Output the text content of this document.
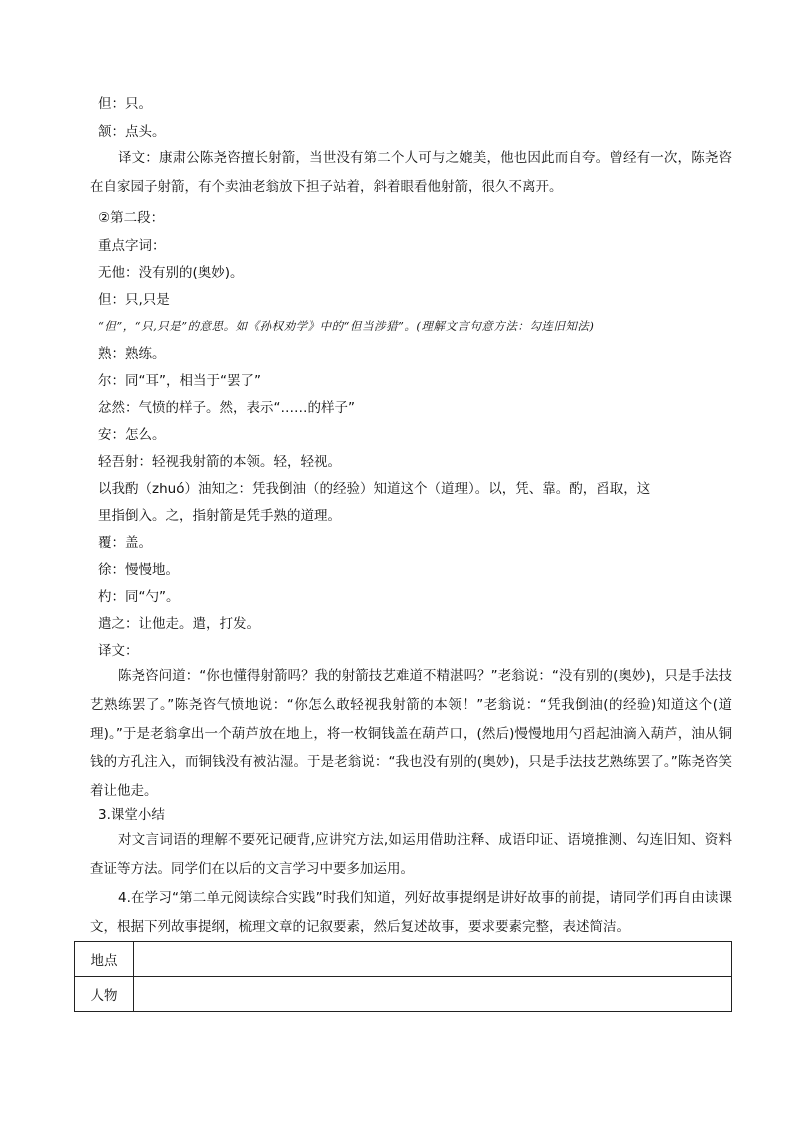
但：只。
颔：点头。
译文：康肃公陈尧咨擅长射箭，当世没有第二个人可与之媲美，他也因此而自夸。曾经有一次，陈尧咨在自家园子射箭，有个卖油老翁放下担子站着，斜着眼看他射箭，很久不离开。
②第二段：
重点字词：
无他：没有别的(奥妙)。
但：只,只是
“但”，“只,只是”的意思。如《孙权劝学》中的“但当涉猎”。(理解文言句意方法：勾连旧知法)
熟：熟练。
尔：同“耳”，相当于“罢了”
忿然：气愤的样子。然，表示“……的样子”
安：怎么。
轻吾射：轻视我射箭的本领。轻，轻视。
以我酌（zhuó）油知之：凭我倒油（的经验）知道这个（道理）。以，凭、靠。酌，舀取，这
里指倒入。之，指射箭是凭手熟的道理。
覆：盖。
徐：慢慢地。
杓：同“勺”。
遣之：让他走。遣，打发。
译文：
陈尧咨问道：“你也懂得射箭吗？我的射箭技艺难道不精湛吗？”老翁说：“没有别的(奥妙)，只是手法技艺熟练罢了。”陈尧咨气愤地说：“你怎么敢轻视我射箭的本领！”老翁说：“凭我倒油(的经验)知道这个(道理)。”于是老翁拿出一个葫芦放在地上，将一枚铜钱盖在葫芦口，(然后)慢慢地用勺舀起油滴入葫芦，油从铜钱的方孔注入，而铜钱没有被沾湿。于是老翁说：“我也没有别的(奥妙)，只是手法技艺熟练罢了。”陈尧咨笑着让他走。
3.课堂小结
对文言词语的理解不要死记硬背,应讲究方法,如运用借助注释、成语印证、语境推测、勾连旧知、资料查证等方法。同学们在以后的文言学习中要多加运用。
4.在学习“第二单元阅读综合实践”时我们知道，列好故事提纲是讲好故事的前提，请同学们再自由读课文，根据下列故事提纲，梳理文章的记叙要素，然后复述故事，要求要素完整，表述简洁。
地点	
人物	
